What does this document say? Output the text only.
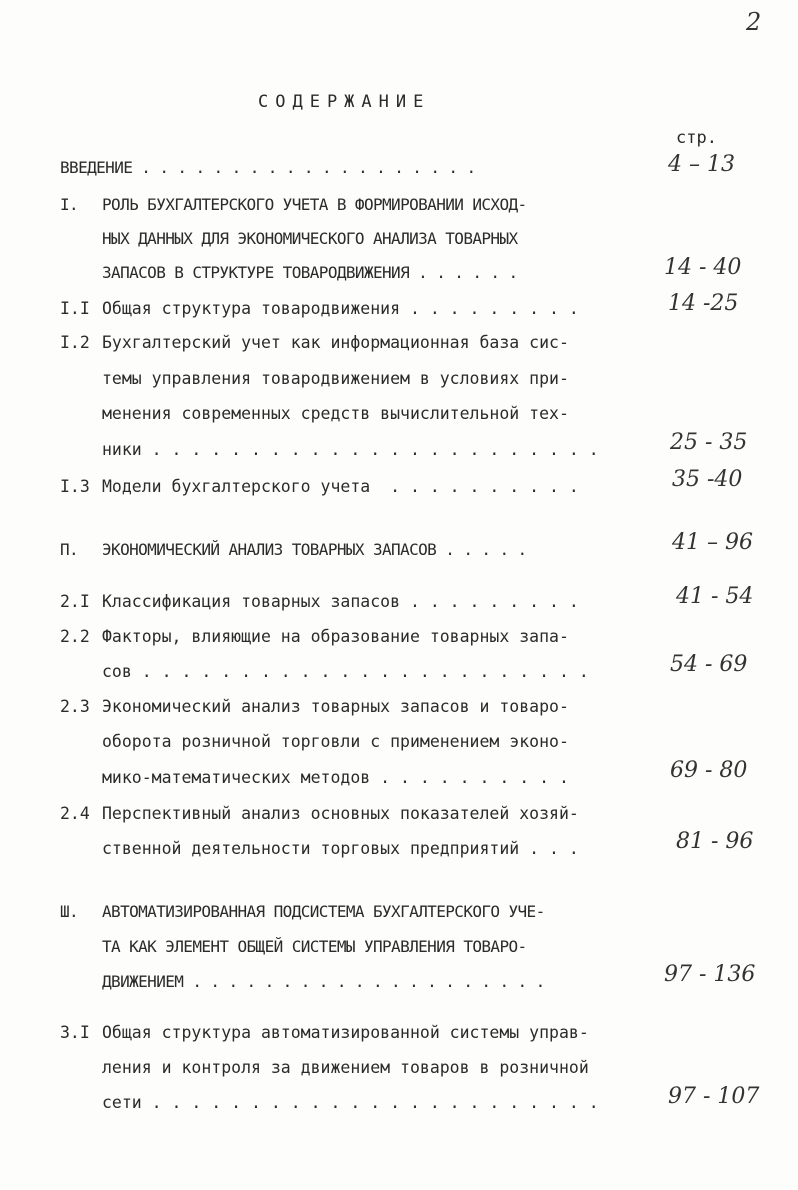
2
СОДЕРЖАНИЕ
стр.
ВВЕДЕНИЕ . . . . . . . . . . . . . . . . . . .	4 – 13
I. РОЛЬ БУХГАЛТЕРСКОГО УЧЕТА В ФОРМИРОВАНИИ ИСХОД-
НЫХ ДАННЫХ ДЛЯ ЭКОНОМИЧЕСКОГО АНАЛИЗА ТОВАРНЫХ
ЗАПАСОВ В СТРУКТУРЕ ТОВАРОДВИЖЕНИЯ . . . . . .	14 - 40
I.I Общая структура товародвижения . . . . . . . . .	14 -25
I.2 Бухгалтерский учет как информационная база сис-
темы управления товародвижением в условиях при-
менения современных средств вычислительной тех-
ники . . . . . . . . . . . . . . . . . . . . . . .	25 - 35
I.3 Модели бухгалтерского учета  . . . . . . . . . .	35 -40
П. ЭКОНОМИЧЕСКИЙ АНАЛИЗ ТОВАРНЫХ ЗАПАСОВ . . . . .	41 – 96
2.I Классификация товарных запасов . . . . . . . . .	41 - 54
2.2 Факторы, влияющие на образование товарных запа-
сов . . . . . . . . . . . . . . . . . . . . . . .	54 - 69
2.3 Экономический анализ товарных запасов и товаро-
оборота розничной торговли с применением эконо-
мико-математических методов . . . . . . . . . .	69 - 80
2.4 Перспективный анализ основных показателей хозяй-
ственной деятельности торговых предприятий . . .	81 - 96
Ш. АВТОМАТИЗИРОВАННАЯ ПОДСИСТЕМА БУХГАЛТЕРСКОГО УЧЕ-
ТА КАК ЭЛЕМЕНТ ОБЩЕЙ СИСТЕМЫ УПРАВЛЕНИЯ ТОВАРО-
ДВИЖЕНИЕМ . . . . . . . . . . . . . . . . . . . .	97 - 136
3.I Общая структура автоматизированной системы управ-
ления и контроля за движением товаров в розничной
сети . . . . . . . . . . . . . . . . . . . . . . .	97 - 107
